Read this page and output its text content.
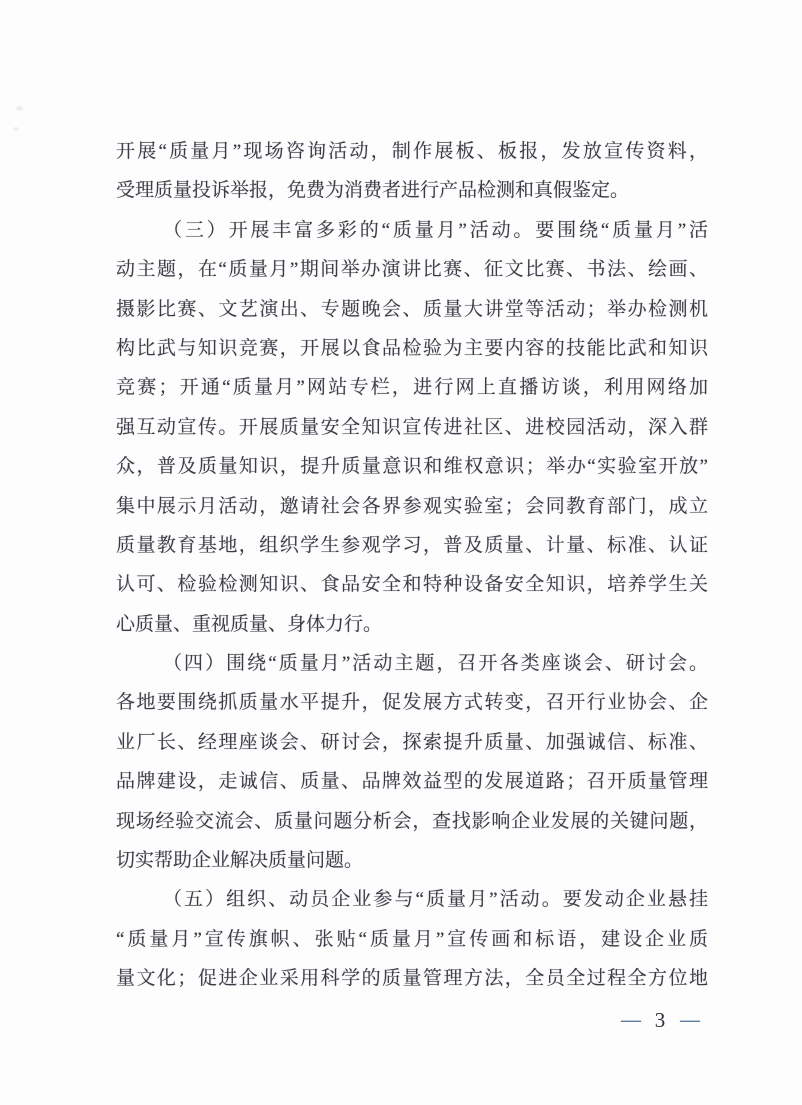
开展“质量月”现场咨询活动，制作展板、板报，发放宣传资料，
受理质量投诉举报，免费为消费者进行产品检测和真假鉴定。
（三）开展丰富多彩的“质量月”活动。要围绕“质量月”活
动主题，在“质量月”期间举办演讲比赛、征文比赛、书法、绘画、
摄影比赛、文艺演出、专题晚会、质量大讲堂等活动；举办检测机
构比武与知识竞赛，开展以食品检验为主要内容的技能比武和知识
竞赛；开通“质量月”网站专栏，进行网上直播访谈，利用网络加
强互动宣传。开展质量安全知识宣传进社区、进校园活动，深入群
众，普及质量知识，提升质量意识和维权意识；举办“实验室开放”
集中展示月活动，邀请社会各界参观实验室；会同教育部门，成立
质量教育基地，组织学生参观学习，普及质量、计量、标准、认证
认可、检验检测知识、食品安全和特种设备安全知识，培养学生关
心质量、重视质量、身体力行。
（四）围绕“质量月”活动主题，召开各类座谈会、研讨会。
各地要围绕抓质量水平提升，促发展方式转变，召开行业协会、企
业厂长、经理座谈会、研讨会，探索提升质量、加强诚信、标准、
品牌建设，走诚信、质量、品牌效益型的发展道路；召开质量管理
现场经验交流会、质量问题分析会，查找影响企业发展的关键问题，
切实帮助企业解决质量问题。
（五）组织、动员企业参与“质量月”活动。要发动企业悬挂
“质量月”宣传旗帜、张贴“质量月”宣传画和标语，建设企业质
量文化；促进企业采用科学的质量管理方法，全员全过程全方位地
— 3 —
